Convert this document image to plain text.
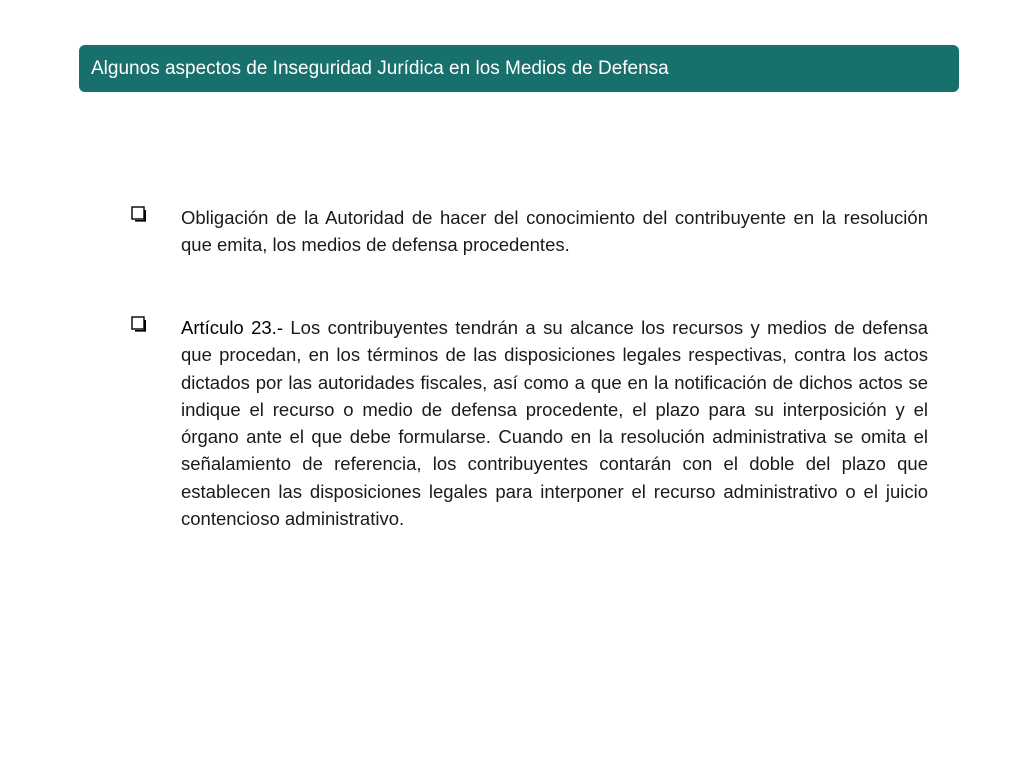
Algunos aspectos de Inseguridad Jurídica en los Medios de Defensa
Obligación de la Autoridad de hacer del conocimiento del contribuyente en la resolución que emita, los medios de defensa procedentes.
Artículo 23.- Los contribuyentes tendrán a su alcance los recursos y medios de defensa que procedan, en los términos de las disposiciones legales respectivas, contra los actos dictados por las autoridades fiscales, así como a que en la notificación de dichos actos se indique el recurso o medio de defensa procedente, el plazo para su interposición y el órgano ante el que debe formularse. Cuando en la resolución administrativa se omita el señalamiento de referencia, los contribuyentes contarán con el doble del plazo que establecen las disposiciones legales para interponer el recurso administrativo o el juicio contencioso administrativo.
